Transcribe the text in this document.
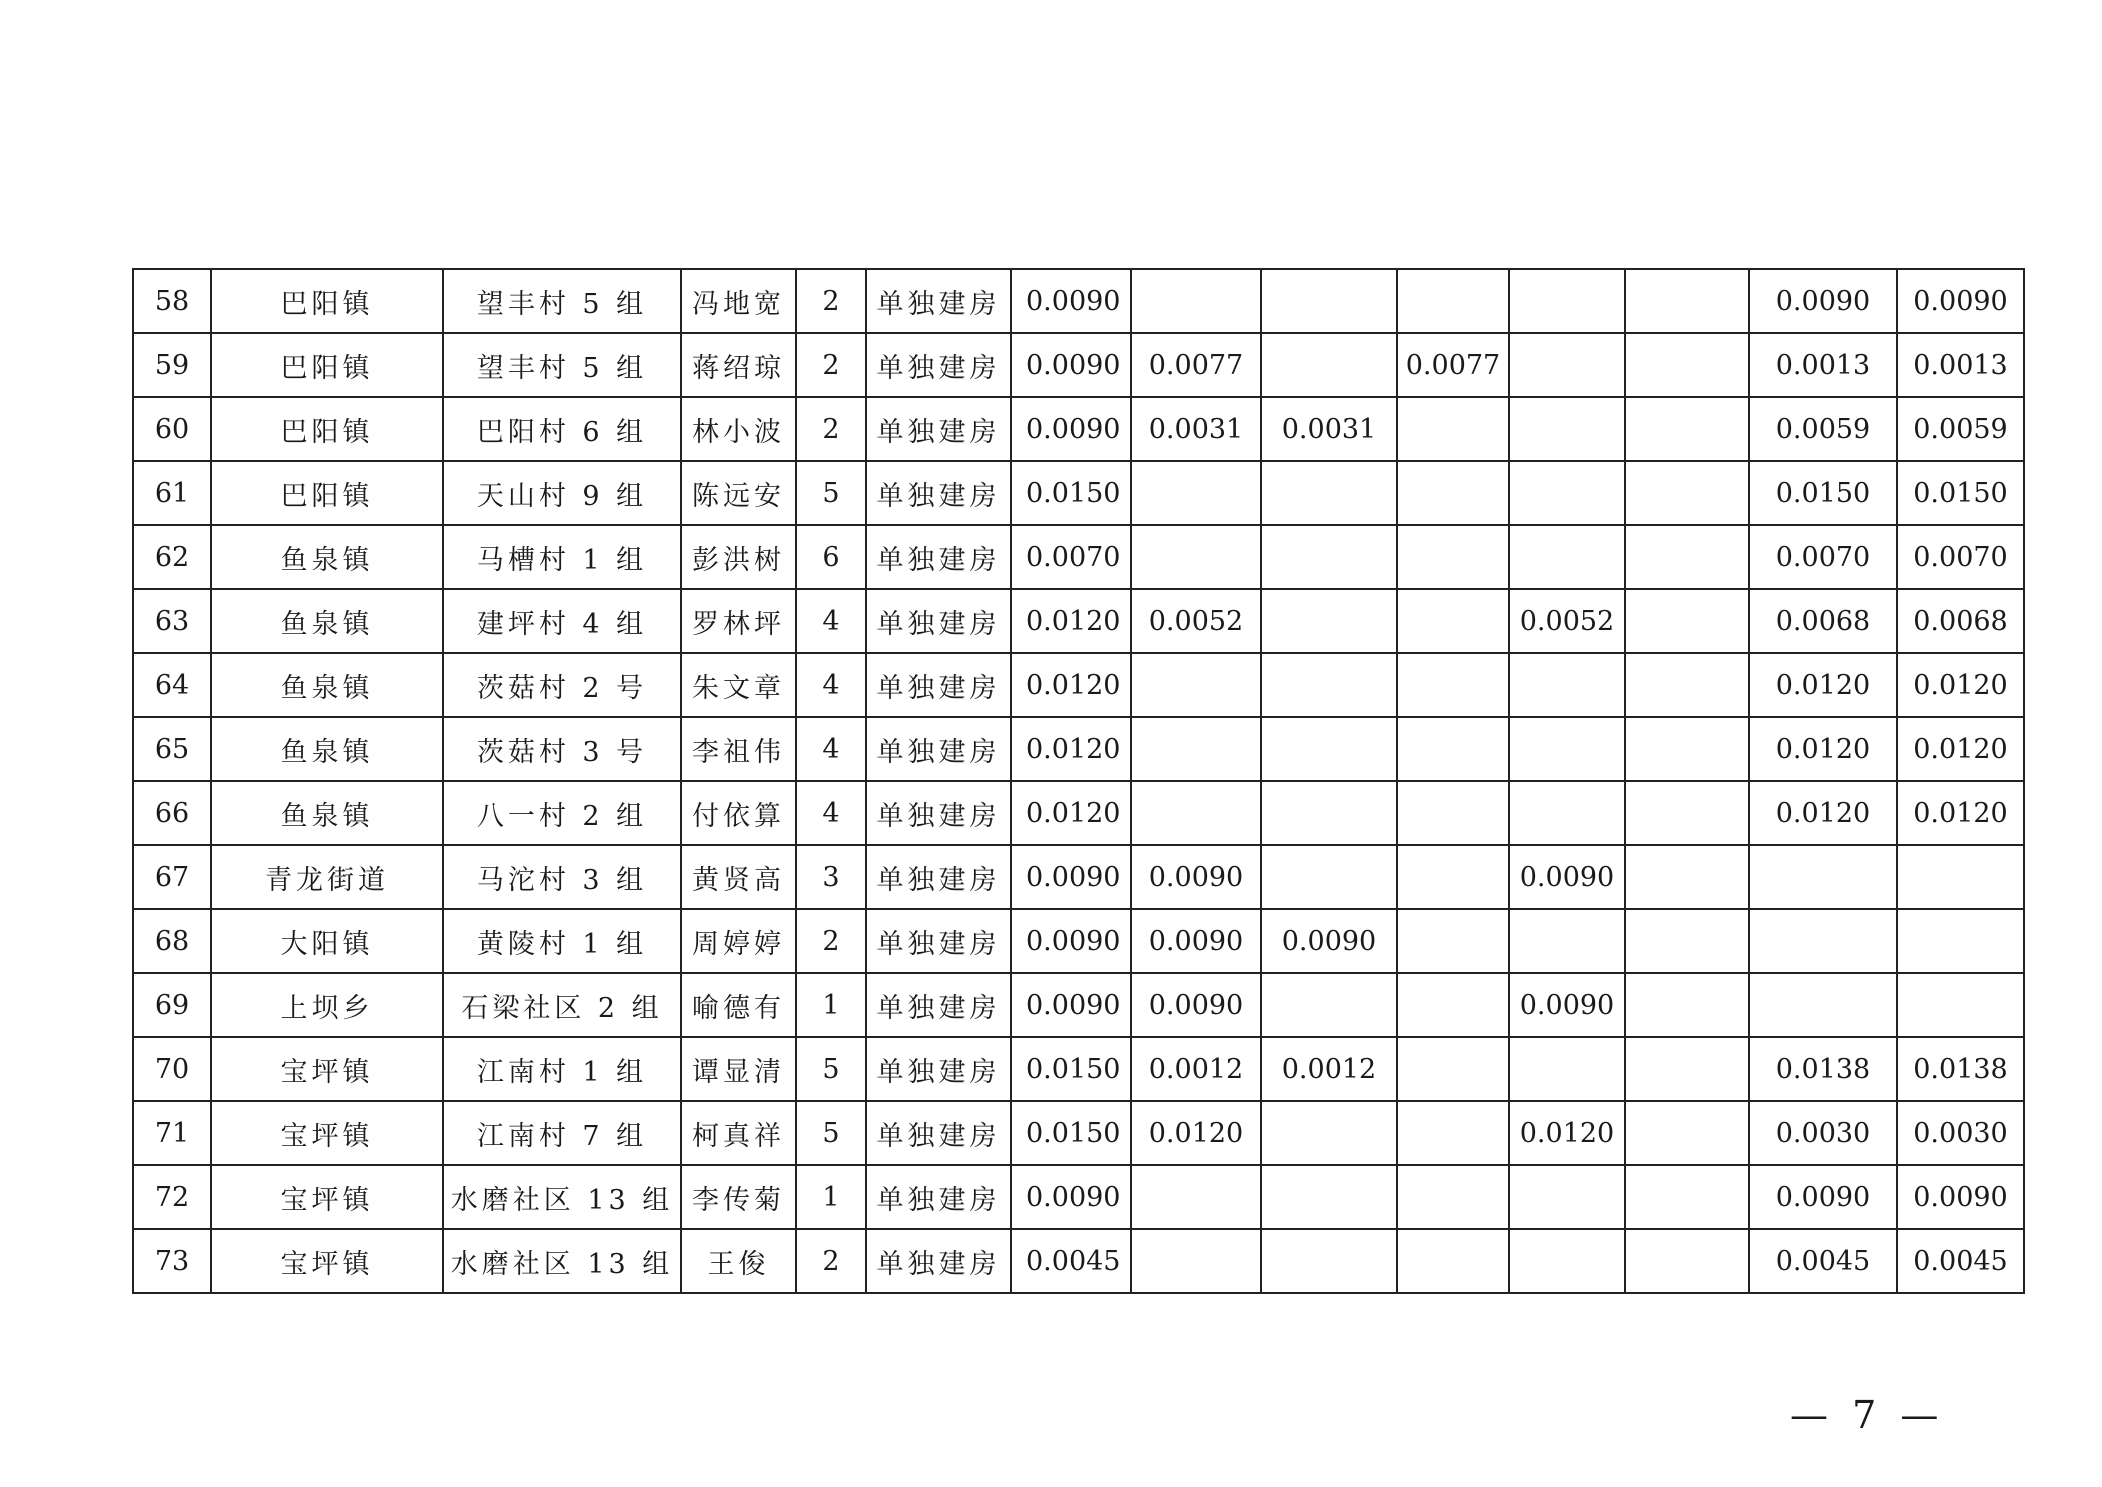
58	巴阳镇	望丰村 5 组	冯地宽	2	单独建房	0.0090						0.0090	0.0090
59	巴阳镇	望丰村 5 组	蒋绍琼	2	单独建房	0.0090	0.0077		0.0077			0.0013	0.0013
60	巴阳镇	巴阳村 6 组	林小波	2	单独建房	0.0090	0.0031	0.0031				0.0059	0.0059
61	巴阳镇	天山村 9 组	陈远安	5	单独建房	0.0150						0.0150	0.0150
62	鱼泉镇	马槽村 1 组	彭洪树	6	单独建房	0.0070						0.0070	0.0070
63	鱼泉镇	建坪村 4 组	罗林坪	4	单独建房	0.0120	0.0052			0.0052		0.0068	0.0068
64	鱼泉镇	茨菇村 2 号	朱文章	4	单独建房	0.0120						0.0120	0.0120
65	鱼泉镇	茨菇村 3 号	李祖伟	4	单独建房	0.0120						0.0120	0.0120
66	鱼泉镇	八一村 2 组	付依算	4	单独建房	0.0120						0.0120	0.0120
67	青龙街道	马沱村 3 组	黄贤高	3	单独建房	0.0090	0.0090			0.0090			
68	大阳镇	黄陵村 1 组	周婷婷	2	单独建房	0.0090	0.0090	0.0090					
69	上坝乡	石梁社区 2 组	喻德有	1	单独建房	0.0090	0.0090			0.0090			
70	宝坪镇	江南村 1 组	谭显清	5	单独建房	0.0150	0.0012	0.0012				0.0138	0.0138
71	宝坪镇	江南村 7 组	柯真祥	5	单独建房	0.0150	0.0120			0.0120		0.0030	0.0030
72	宝坪镇	水磨社区 13 组	李传菊	1	单独建房	0.0090						0.0090	0.0090
73	宝坪镇	水磨社区 13 组	王俊	2	单独建房	0.0045						0.0045	0.0045
— 7 —
